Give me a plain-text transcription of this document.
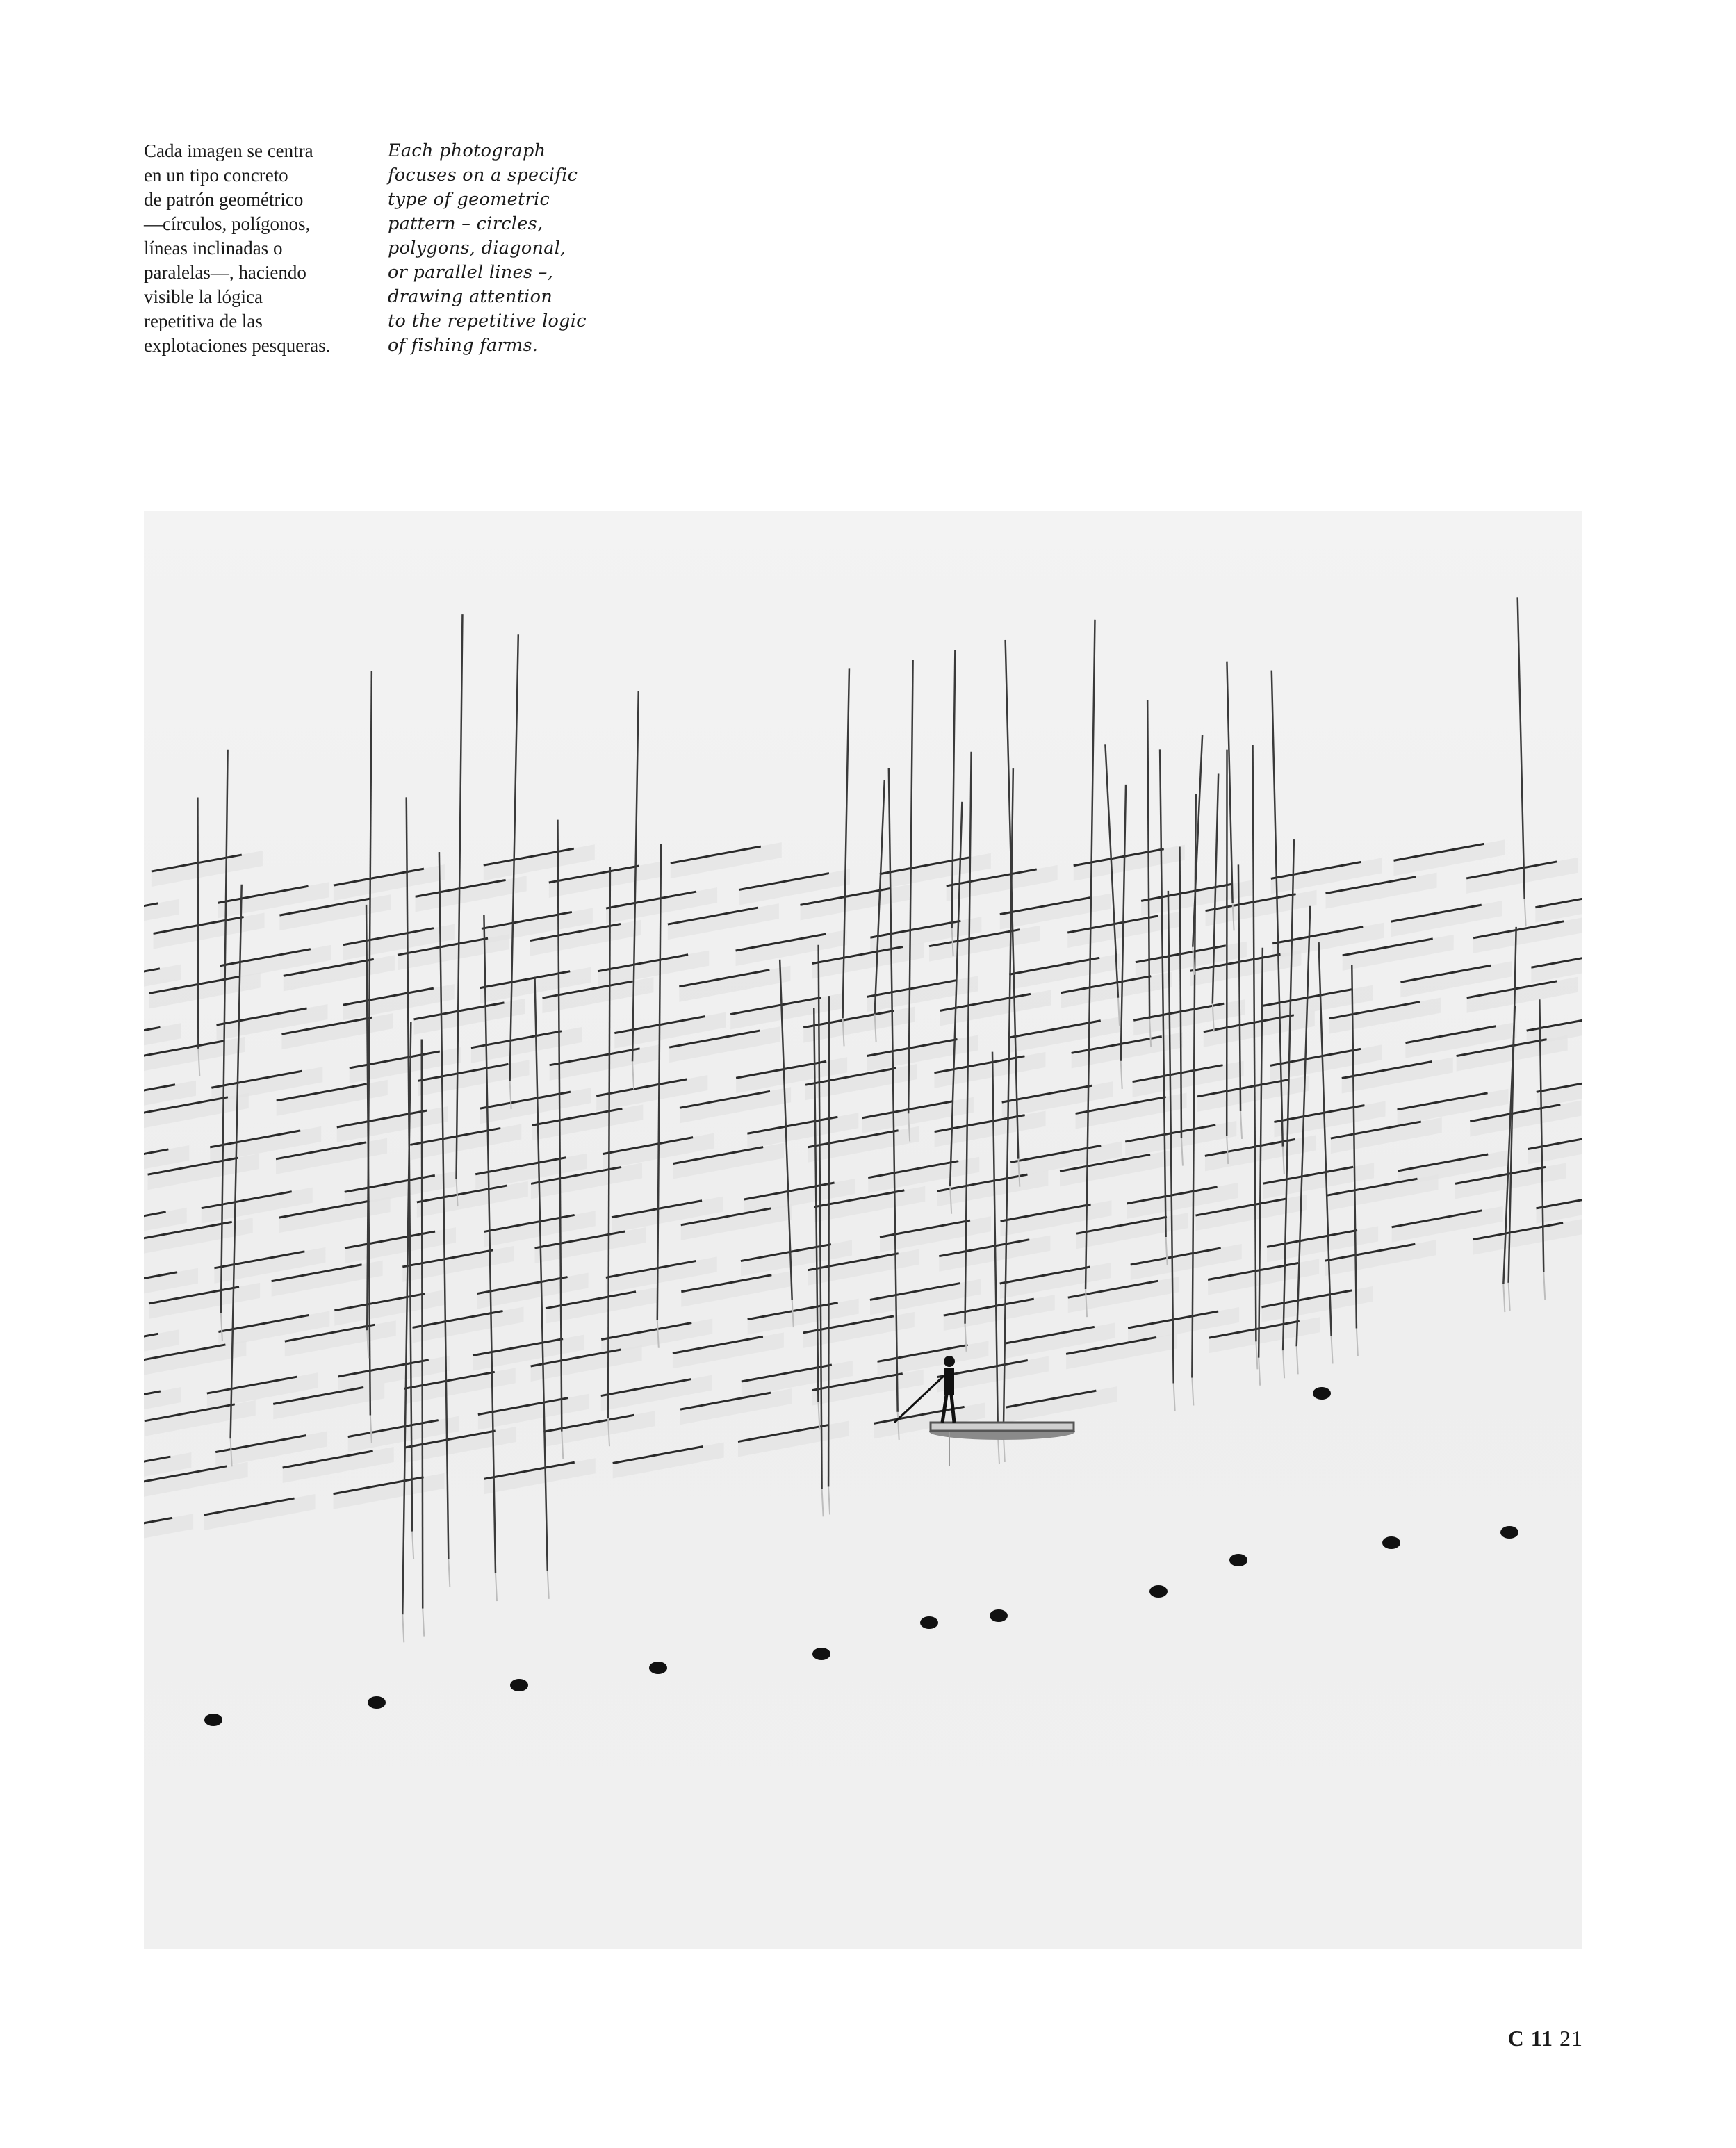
Cada imagen se centra
en un tipo concreto
de patrón geométrico
—círculos, polígonos,
líneas inclinadas o
paralelas—, haciendo
visible la lógica
repetitiva de las
explotaciones pesqueras.
Each photograph
focuses on a specific
type of geometric
pattern – circles,
polygons, diagonal,
or parallel lines –,
drawing attention
to the repetitive logic
of fishing farms.
C 11 21
